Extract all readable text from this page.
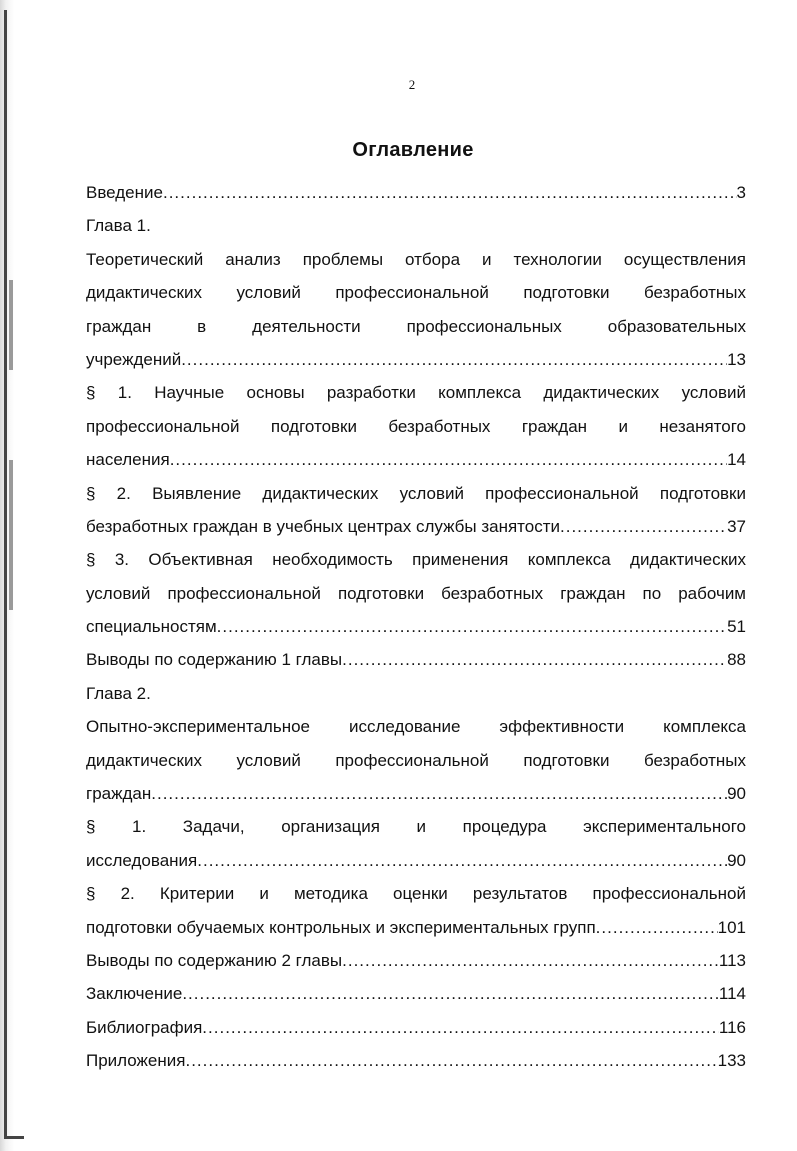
2
Оглавление
Введение .....	3
Глава 1.
Теоретический анализ проблемы отбора и технологии осуществления
дидактических условий профессиональной подготовки безработных
граждан в деятельности профессиональных образовательных
учреждений .....	13
§ 1. Научные основы разработки комплекса дидактических условий
профессиональной подготовки безработных граждан и незанятого
населения .....	14
§ 2. Выявление дидактических условий профессиональной подготовки
безработных граждан в учебных центрах службы занятости .....	37
§ 3. Объективная необходимость применения комплекса дидактических
условий профессиональной подготовки безработных граждан по рабочим
специальностям .....	51
Выводы по содержанию 1 главы .....	88
Глава 2.
Опытно-экспериментальное исследование эффективности комплекса
дидактических условий профессиональной подготовки безработных
граждан .....	90
§ 1. Задачи, организация и процедура экспериментального
исследования .....	90
§ 2. Критерии и методика оценки результатов профессиональной
подготовки обучаемых контрольных и экспериментальных групп .....	101
Выводы по содержанию 2 главы .....	113
Заключение .....	114
Библиография .....	116
Приложения .....	133
